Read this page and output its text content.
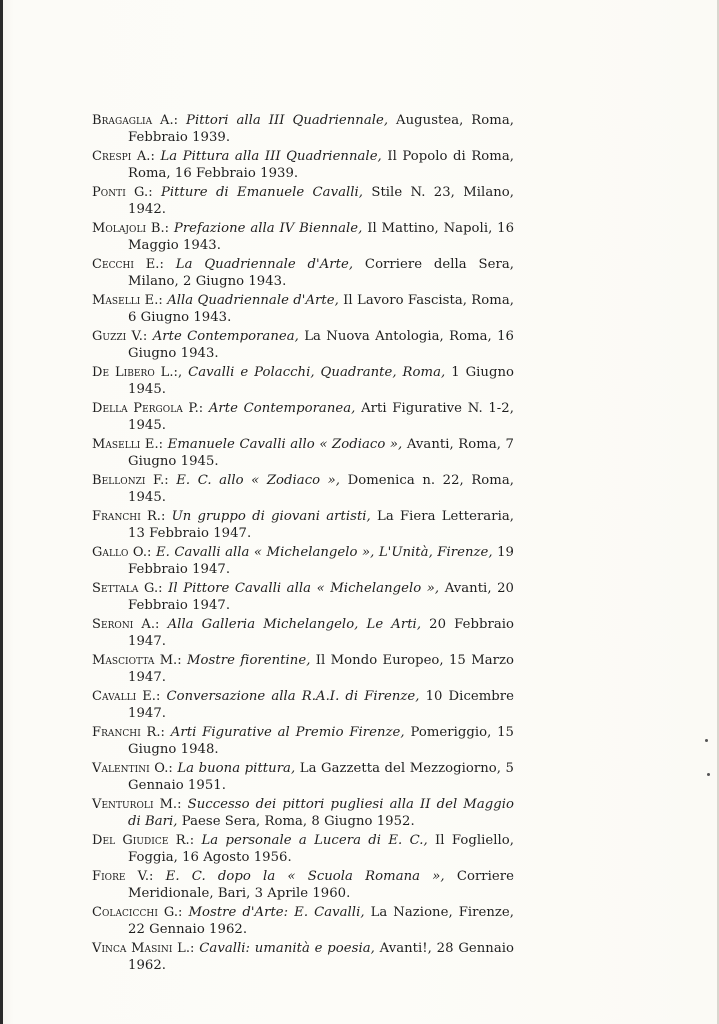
Bragaglia A.: Pittori alla III Quadriennale, Augustea, Roma, Febbraio 1939.
Crespi A.: La Pittura alla III Quadriennale, Il Popolo di Roma, Roma, 16 Febbraio 1939.
Ponti G.: Pitture di Emanuele Cavalli, Stile N. 23, Milano, 1942.
Molajoli B.: Prefazione alla IV Biennale, Il Mattino, Napoli, 16 Maggio 1943.
Cecchi E.: La Quadriennale d'Arte, Corriere della Sera, Milano, 2 Giugno 1943.
Maselli E.: Alla Quadriennale d'Arte, Il Lavoro Fascista, Roma, 6 Giugno 1943.
Guzzi V.: Arte Contemporanea, La Nuova Antologia, Roma, 16 Giugno 1943.
De Libero L.:, Cavalli e Polacchi, Quadrante, Roma, 1 Giugno 1945.
Della Pergola P.: Arte Contemporanea, Arti Figurative N. 1-2, 1945.
Maselli E.: Emanuele Cavalli allo « Zodiaco », Avanti, Roma, 7 Giugno 1945.
Bellonzi F.: E. C. allo « Zodiaco », Domenica n. 22, Roma, 1945.
Franchi R.: Un gruppo di giovani artisti, La Fiera Letteraria, 13 Febbraio 1947.
Gallo O.: E. Cavalli alla « Michelangelo », L'Unità, Firenze, 19 Febbraio 1947.
Settala G.: Il Pittore Cavalli alla « Michelangelo », Avanti, 20 Febbraio 1947.
Seroni A.: Alla Galleria Michelangelo, Le Arti, 20 Febbraio 1947.
Masciotta M.: Mostre fiorentine, Il Mondo Europeo, 15 Marzo 1947.
Cavalli E.: Conversazione alla R.A.I. di Firenze, 10 Dicembre 1947.
Franchi R.: Arti Figurative al Premio Firenze, Pomeriggio, 15 Giugno 1948.
Valentini O.: La buona pittura, La Gazzetta del Mezzogiorno, 5 Gennaio 1951.
Venturoli M.: Successo dei pittori pugliesi alla II del Maggio di Bari, Paese Sera, Roma, 8 Giugno 1952.
Del Giudice R.: La personale a Lucera di E. C., Il Fogliello, Foggia, 16 Agosto 1956.
Fiore V.: E. C. dopo la « Scuola Romana », Corriere Meridionale, Bari, 3 Aprile 1960.
Colacicchi G.: Mostre d'Arte: E. Cavalli, La Nazione, Firenze, 22 Gennaio 1962.
Vinca Masini L.: Cavalli: umanità e poesia, Avanti!, 28 Gennaio 1962.
